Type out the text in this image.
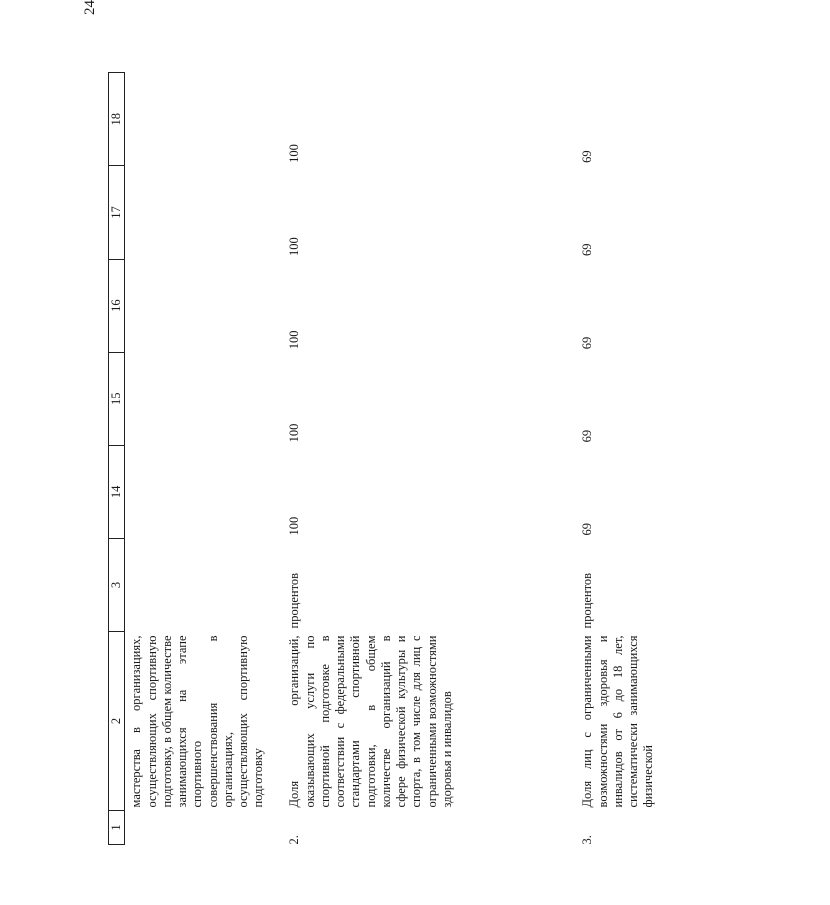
24
1	2	3	14	15	16	17	18
	мастерства в организациях, осуществляющих спортивную подготовку, в общем количестве занимающихся на этапе спортивного совершенствования в организациях, осуществляющих спортивную подготовку						
2.	Доля организаций, оказывающих услуги по спортивной подготовке в соответствии с федеральными стандартами спортивной подготовки, в общем количестве организаций в сфере физической культуры и спорта, в том числе для лиц с ограниченными возможностями здоровья и инвалидов	процентов	100	100	100	100	100
3.	Доля лиц с ограниченными возможностями здоровья и инвалидов от 6 до 18 лет, систематически занимающихся физической	процентов	69	69	69	69	69
